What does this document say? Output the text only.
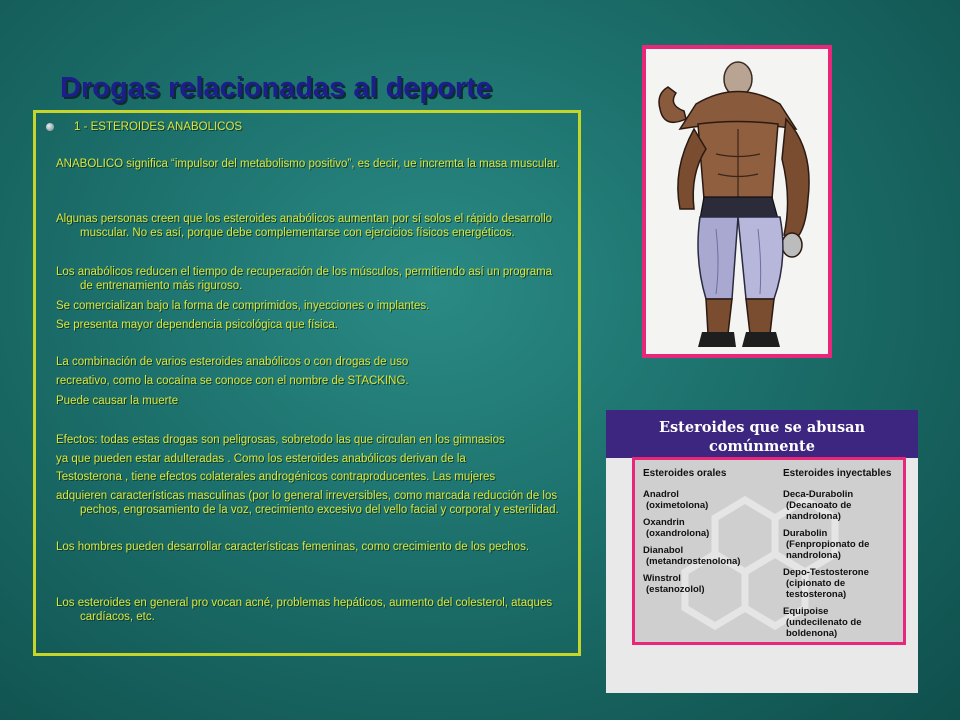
Drogas relacionadas al deporte
1 - ESTEROIDES ANABOLICOS

ANABOLICO significa “impulsor del metabolismo positivo”, es decir, ue incremta la masa muscular.

Algunas personas creen que los esteroides anabólicos aumentan por sí solos el rápido desarrollo muscular. No es así, porque debe complementarse con ejercicios físicos energéticos.

Los anabólicos reducen el tiempo de recuperación de los músculos, permitiendo así un programa de entrenamiento más riguroso.

Se comercializan bajo la forma de comprimidos, inyecciones o implantes.

Se presenta mayor dependencia psicológica que física.

La combinación de varios esteroides anabólicos o con drogas de uso

recreativo, como la cocaína se conoce con el nombre de STACKING.

Puede causar la muerte

Efectos: todas estas drogas son peligrosas, sobretodo las que circulan en los gimnasios

ya que pueden estar adulteradas . Como los esteroides anabólicos derivan de la

Testosterona , tiene efectos colaterales androgénicos contraproducentes. Las mujeres

adquieren características masculinas (por lo general irreversibles, como marcada reducción de los pechos, engrosamiento de la voz, crecimiento excesivo del vello facial y corporal y esterilidad.

Los hombres pueden desarrollar características femeninas, como crecimiento de los pechos.

Los esteroides en general pro vocan acné, problemas hepáticos, aumento del colesterol, ataques cardíacos, etc.

Esteroides que se abusan comúnmente
Esteroides orales
Anadrol
(oximetolona)
Oxandrin
(oxandrolona)
Dianabol
(metandrostenolona)
Winstrol
(estanozolol)
Esteroides inyectables
Deca-Durabolin
(Decanoato de nandrolona)
Durabolin
(Fenpropionato de nandrolona)
Depo-Testosterone
(cipionato de testosterona)
Equipoise
(undecilenato de boldenona)
